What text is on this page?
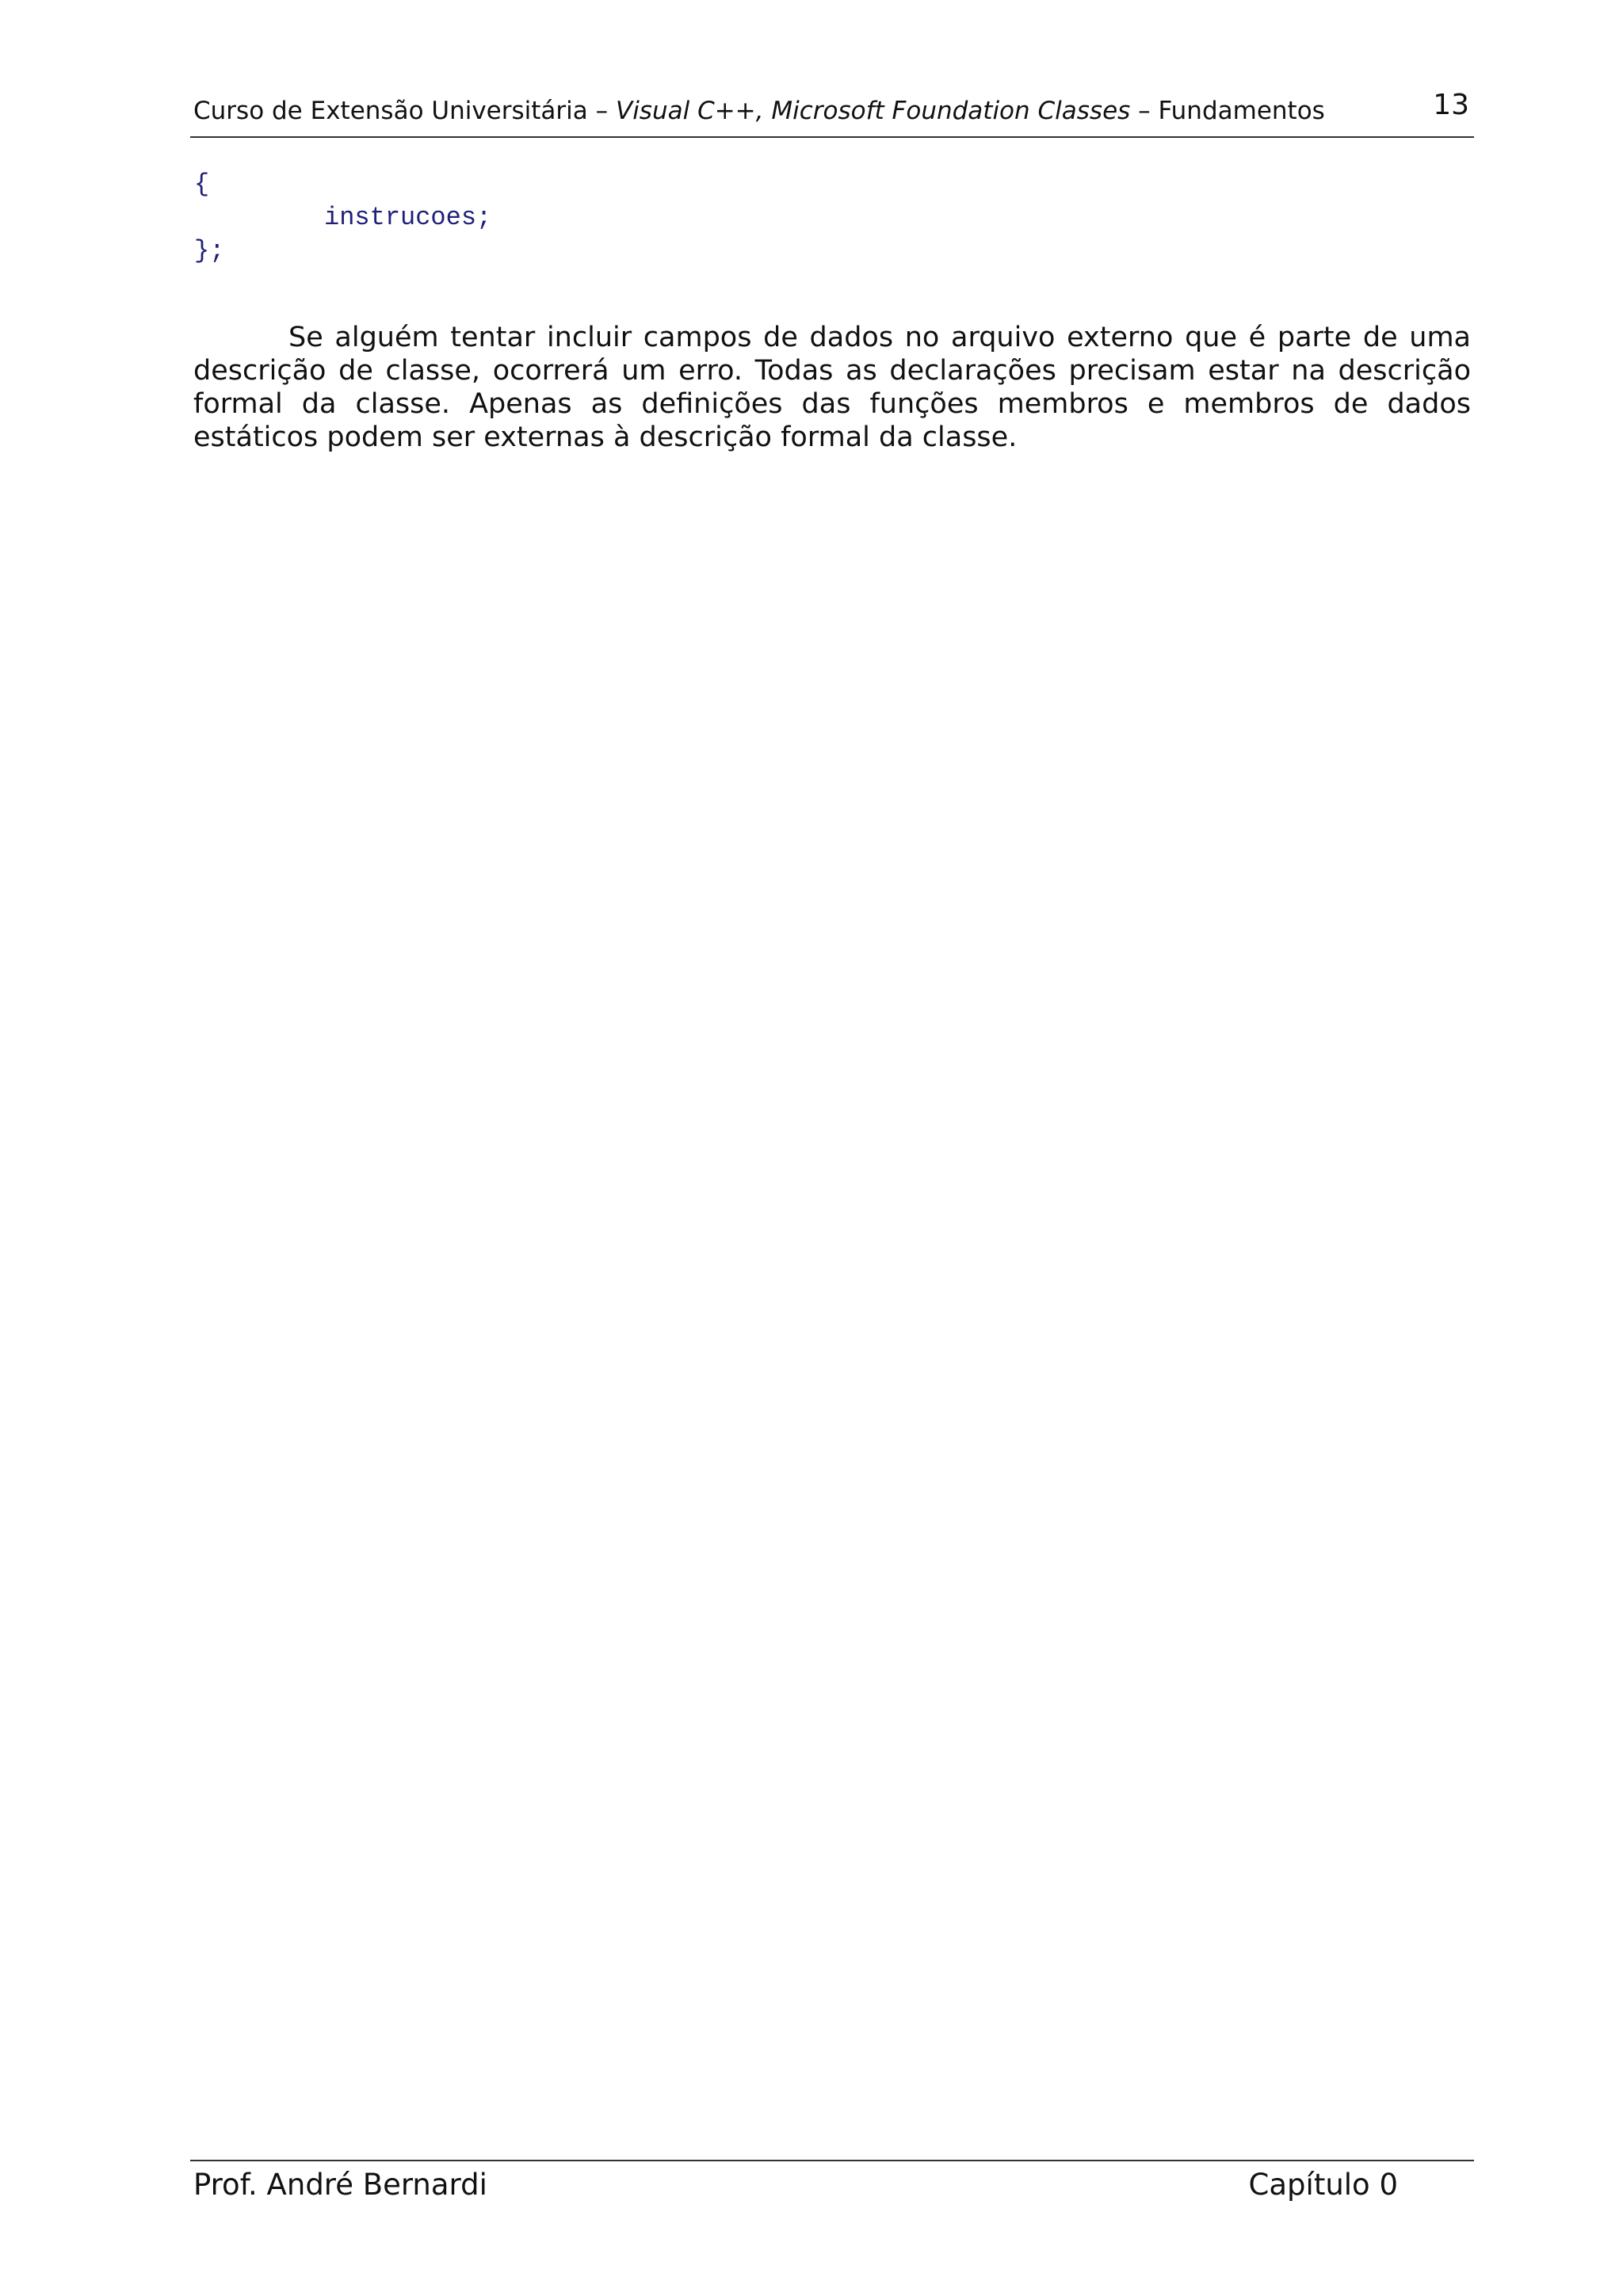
Curso de Extensão Universitária – Visual C++, Microsoft Foundation Classes – Fundamentos	13
{
instrucoes;
};

Se alguém tentar incluir campos de dados no arquivo externo que é parte de uma descrição de classe, ocorrerá um erro. Todas as declarações precisam estar na descrição formal da classe. Apenas as definições das funções membros e membros de dados estáticos podem ser externas à descrição formal da classe.

Prof. André Bernardi	Capítulo 0
